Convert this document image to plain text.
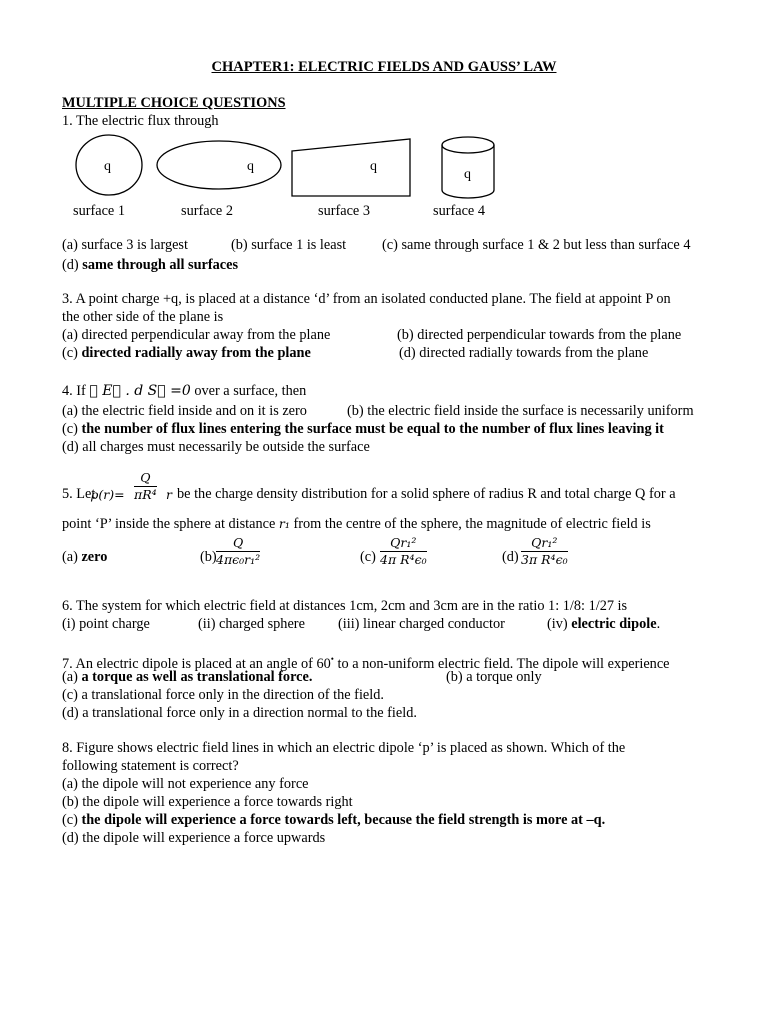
CHAPTER1: ELECTRIC FIELDS AND GAUSS’ LAW
MULTIPLE CHOICE QUESTIONS
1. The electric flux through
q	q	q
q
surface 1	surface 2	surface 3	surface 4
(a) surface 3 is largest	(b) surface 1 is least	(c) same through surface 1 & 2 but less than surface 4
(d) same through all surfaces
3. A point charge +q, is placed at a distance ‘d’ from an isolated conducted plane. The field at appoint P on
the other side of the plane is
(a) directed perpendicular away from the plane	(b) directed perpendicular towards from the plane
(c) directed radially away from the plane	(d) directed radially towards from the plane
4. If ∮ E⃗ . d S⃗ =0 over a surface, then
(a) the electric field inside and on it is zero	(b) the electric field inside the surface is necessarily uniform
(c) the number of flux lines entering the surface must be equal to the number of flux lines leaving it
(d) all charges must necessarily be outside the surface
5. Let
$\rho(r)= \frac{Q}{\text{πR⁴}}$ r be the charge density distribution for a solid sphere of radius R and total charge Q for a
point ‘P’ inside the sphere at distance r₁ from the centre of the sphere, the magnitude of electric field is
(a) zero	$(b) \frac{Q}{\text{4πϵ₀r₁²}}$	$(c) \frac{\text{Qr₁²}}{\text{4π R⁴ϵ₀}}$	$(d) \frac{\text{Qr₁²}}{\text{3π R⁴ϵ₀}}$
6. The system for which electric field at distances 1cm, 2cm and 3cm are in the ratio 1: 1/8: 1/27 is
(i) point charge	(ii) charged sphere (iii) linear charged conductor	(iv) electric dipole.
7. An electric dipole is placed at an angle of 60• to a non-uniform electric field. The dipole will experience
(a) a torque as well as translational force.	(b) a torque only
(c) a translational force only in the direction of the field.
(d) a translational force only in a direction normal to the field.
8. Figure shows electric field lines in which an electric dipole ‘p’ is placed as shown. Which of the
following statement is correct?
(a) the dipole will not experience any force
(b) the dipole will experience a force towards right
(c) the dipole will experience a force towards left, because the field strength is more at –q.
(d) the dipole will experience a force upwards
